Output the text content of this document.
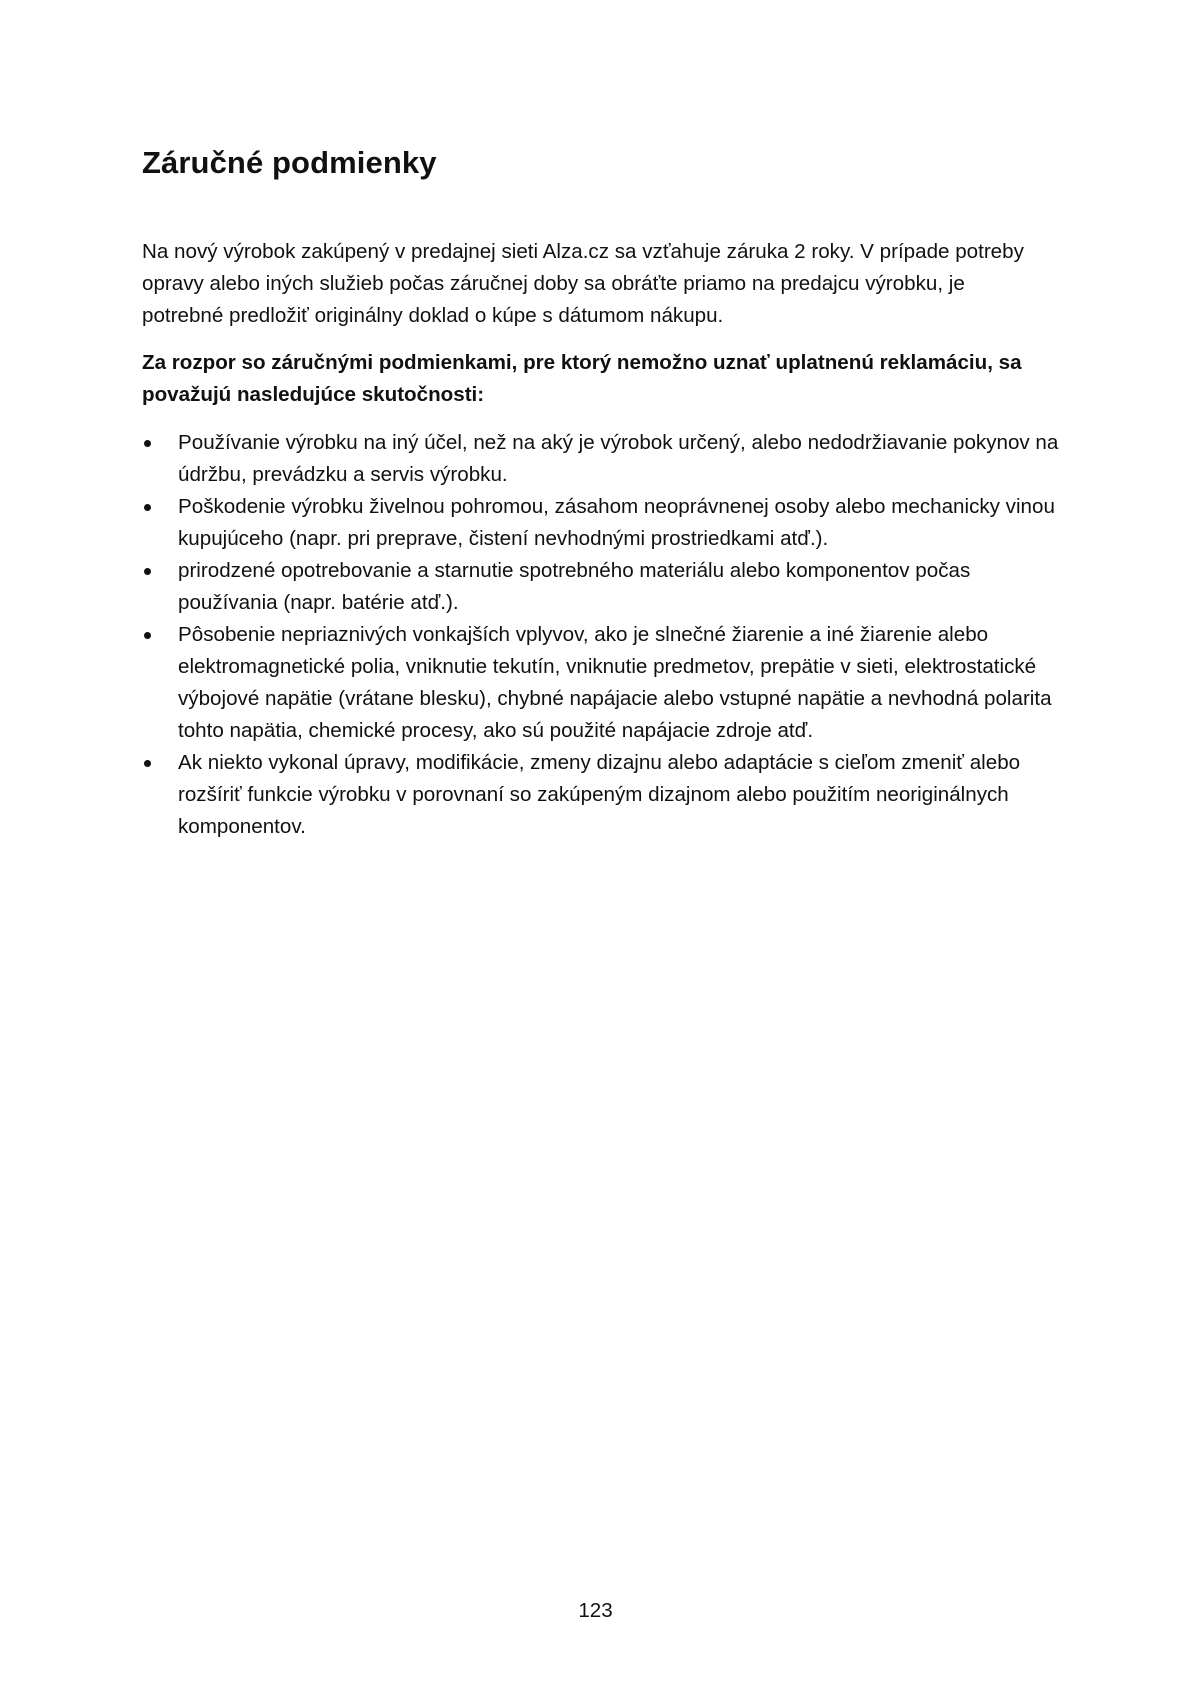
Záručné podmienky

Na nový výrobok zakúpený v predajnej sieti Alza.cz sa vzťahuje záruka 2 roky. V prípade potreby opravy alebo iných služieb počas záručnej doby sa obráťte priamo na predajcu výrobku, je potrebné predložiť originálny doklad o kúpe s dátumom nákupu.

Za rozpor so záručnými podmienkami, pre ktorý nemožno uznať uplatnenú reklamáciu, sa považujú nasledujúce skutočnosti:

Používanie výrobku na iný účel, než na aký je výrobok určený, alebo nedodržiavanie pokynov na údržbu, prevádzku a servis výrobku.
Poškodenie výrobku živelnou pohromou, zásahom neoprávnenej osoby alebo mechanicky vinou kupujúceho (napr. pri preprave, čistení nevhodnými prostriedkami atď.).
prirodzené opotrebovanie a starnutie spotrebného materiálu alebo komponentov počas používania (napr. batérie atď.).
Pôsobenie nepriaznivých vonkajších vplyvov, ako je slnečné žiarenie a iné žiarenie alebo elektromagnetické polia, vniknutie tekutín, vniknutie predmetov, prepätie v sieti, elektrostatické výbojové napätie (vrátane blesku), chybné napájacie alebo vstupné napätie a nevhodná polarita tohto napätia, chemické procesy, ako sú použité napájacie zdroje atď.
Ak niekto vykonal úpravy, modifikácie, zmeny dizajnu alebo adaptácie s cieľom zmeniť alebo rozšíriť funkcie výrobku v porovnaní so zakúpeným dizajnom alebo použitím neoriginálnych komponentov.
123
